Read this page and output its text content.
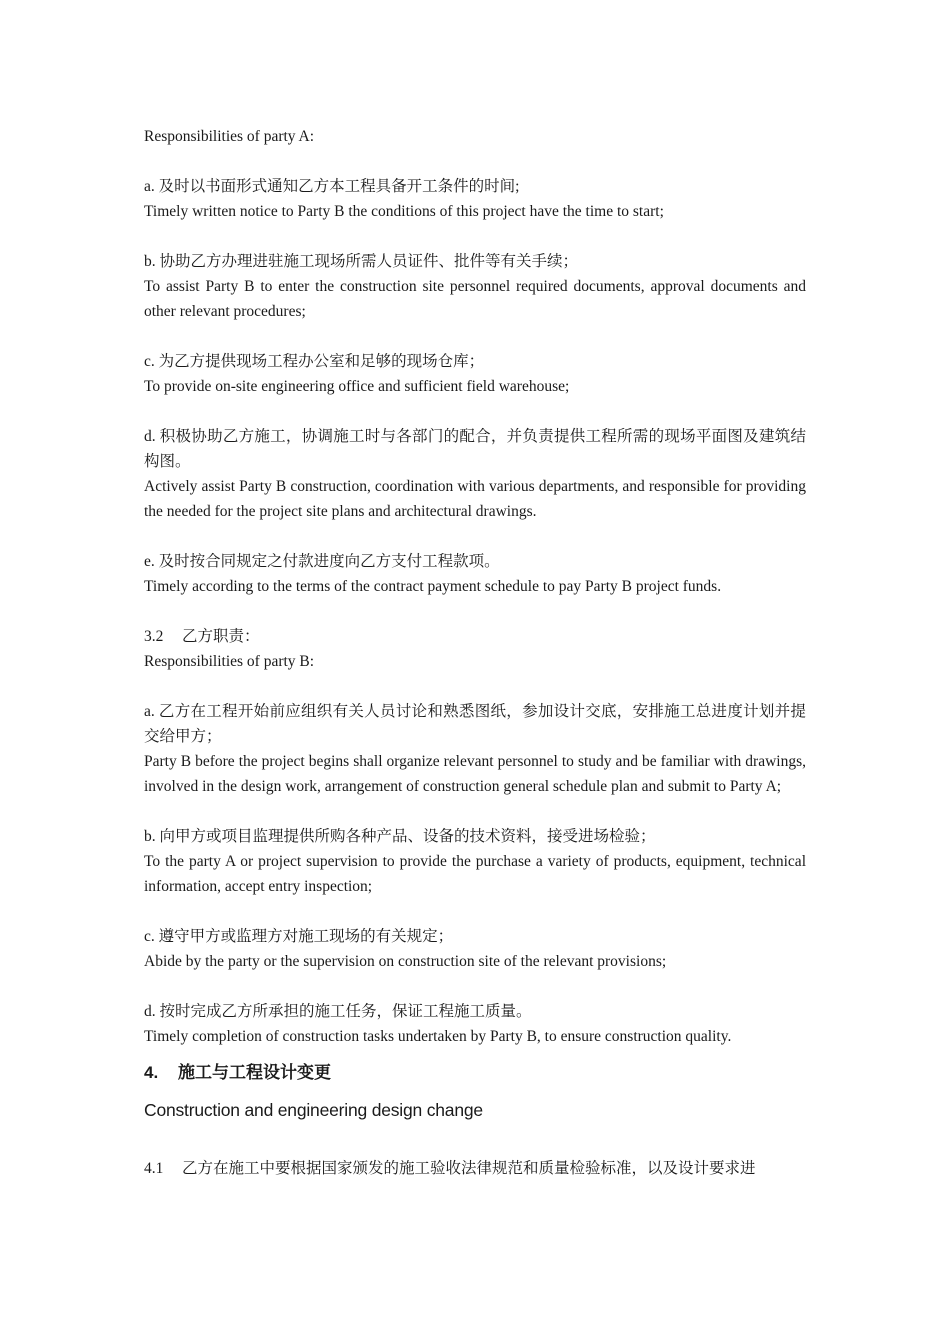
Responsibilities of party A:

a. 及时以书面形式通知乙方本工程具备开工条件的时间;

Timely written notice to Party B the conditions of this project have the time to start;

b. 协助乙方办理进驻施工现场所需人员证件、批件等有关手续；

To assist Party B to enter the construction site personnel required documents, approval documents and other relevant procedures;

c. 为乙方提供现场工程办公室和足够的现场仓库；

To provide on-site engineering office and sufficient field warehouse;

d. 积极协助乙方施工，协调施工时与各部门的配合，并负责提供工程所需的现场平面图及建筑结构图。

Actively assist Party B construction, coordination with various departments, and responsible for providing the needed for the project site plans and architectural drawings.

e. 及时按合同规定之付款进度向乙方支付工程款项。

Timely according to the terms of the contract payment schedule to pay Party B project funds.

3.2 乙方职责：

Responsibilities of party B:

a. 乙方在工程开始前应组织有关人员讨论和熟悉图纸，参加设计交底，安排施工总进度计划并提交给甲方；

Party B before the project begins shall organize relevant personnel to study and be familiar with drawings, involved in the design work, arrangement of construction general schedule plan and submit to Party A;

b. 向甲方或项目监理提供所购各种产品、设备的技术资料，接受进场检验；

To the party A or project supervision to provide the purchase a variety of products, equipment, technical information, accept entry inspection;

c. 遵守甲方或监理方对施工现场的有关规定；

Abide by the party or the supervision on construction site of the relevant provisions;

d. 按时完成乙方所承担的施工任务，保证工程施工质量。

Timely completion of construction tasks undertaken by Party B, to ensure construction quality.

4. 施工与工程设计变更

Construction and engineering design change

4.1 乙方在施工中要根据国家颁发的施工验收法律规范和质量检验标准，以及设计要求进
